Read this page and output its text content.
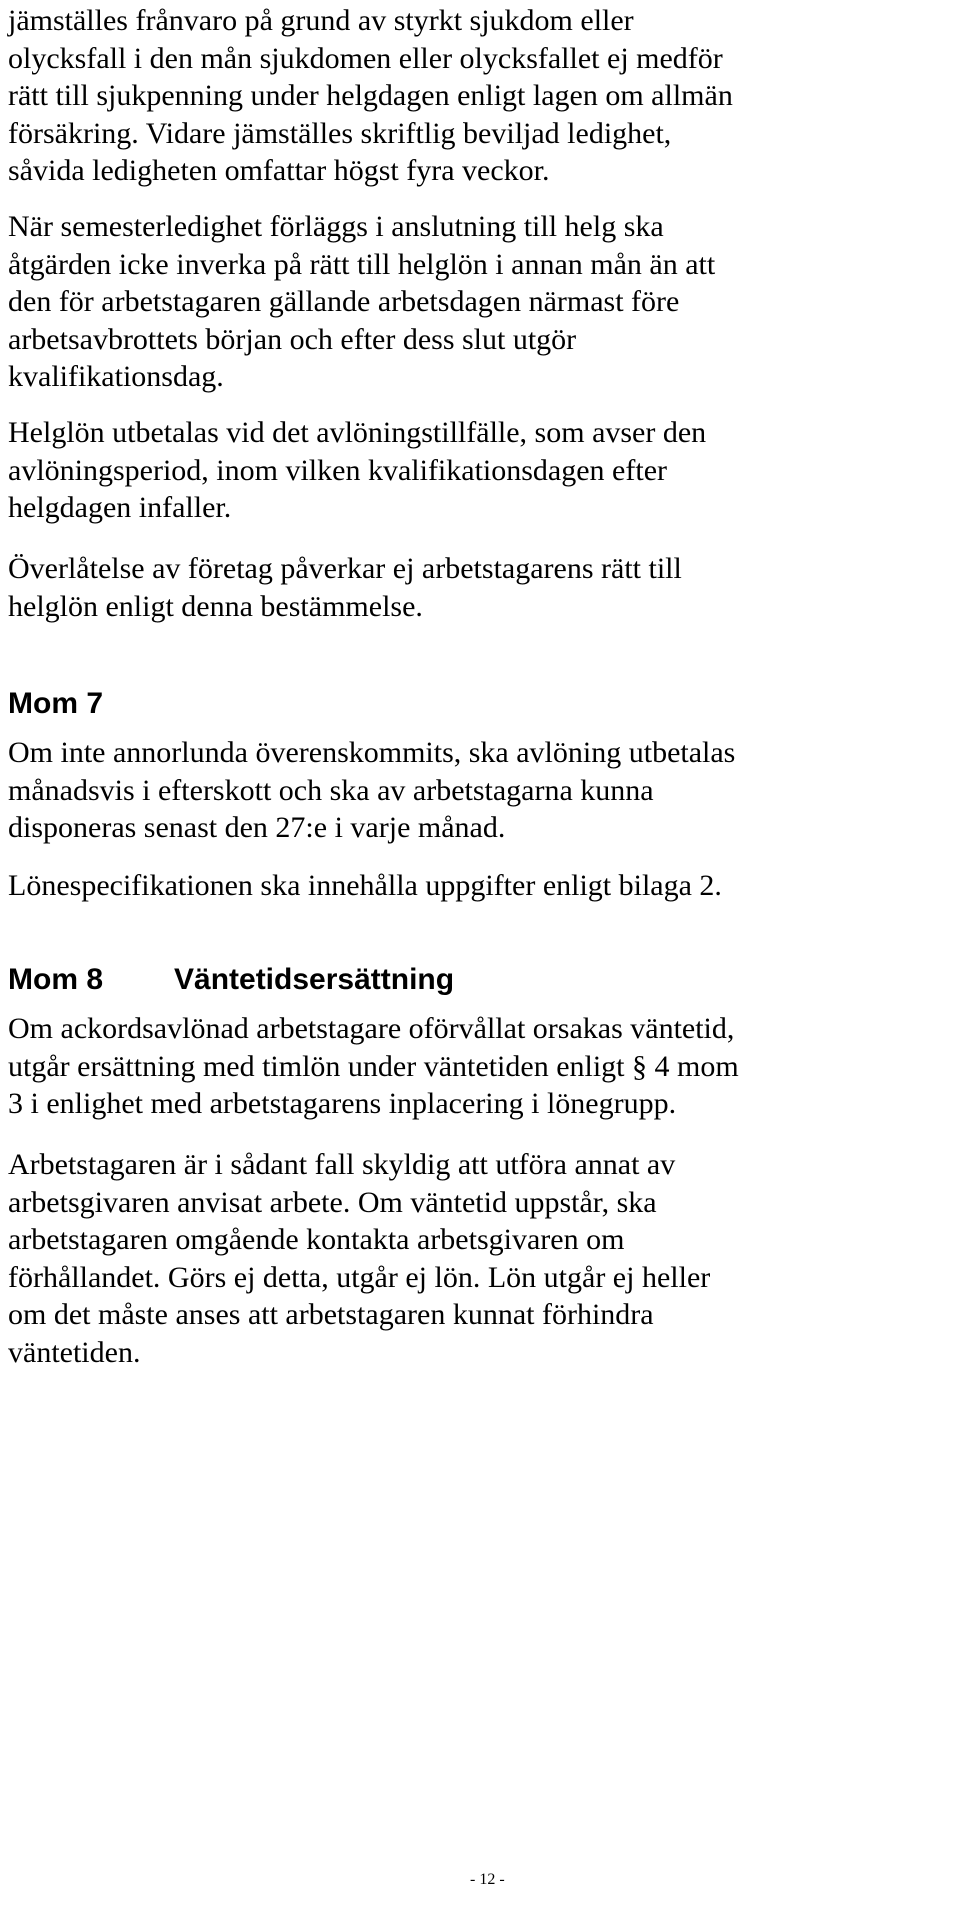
jämställes frånvaro på grund av styrkt sjukdom eller
olycksfall i den mån sjukdomen eller olycksfallet ej medför
rätt till sjukpenning under helgdagen enligt lagen om allmän
försäkring. Vidare jämställes skriftlig beviljad ledighet,
såvida ledigheten omfattar högst fyra veckor.

När semesterledighet förläggs i anslutning till helg ska
åtgärden icke inverka på rätt till helglön i annan mån än att
den för arbetstagaren gällande arbetsdagen närmast före
arbetsavbrottets början och efter dess slut utgör
kvalifikationsdag.

Helglön utbetalas vid det avlöningstillfälle, som avser den
avlöningsperiod, inom vilken kvalifikationsdagen efter
helgdagen infaller.

Överlåtelse av företag påverkar ej arbetstagarens rätt till
helglön enligt denna bestämmelse.

Mom 7

Om inte annorlunda överenskommits, ska avlöning utbetalas
månadsvis i efterskott och ska av arbetstagarna kunna
disponeras senast den 27:e i varje månad.

Lönespecifikationen ska innehålla uppgifter enligt bilaga 2.

Mom 8	Väntetidsersättning

Om ackordsavlönad arbetstagare oförvållat orsakas väntetid,
utgår ersättning med timlön under väntetiden enligt § 4 mom
3 i enlighet med arbetstagarens inplacering i lönegrupp.

Arbetstagaren är i sådant fall skyldig att utföra annat av
arbetsgivaren anvisat arbete. Om väntetid uppstår, ska
arbetstagaren omgående kontakta arbetsgivaren om
förhållandet. Görs ej detta, utgår ej lön. Lön utgår ej heller
om det måste anses att arbetstagaren kunnat förhindra
väntetiden.

- 12 -
